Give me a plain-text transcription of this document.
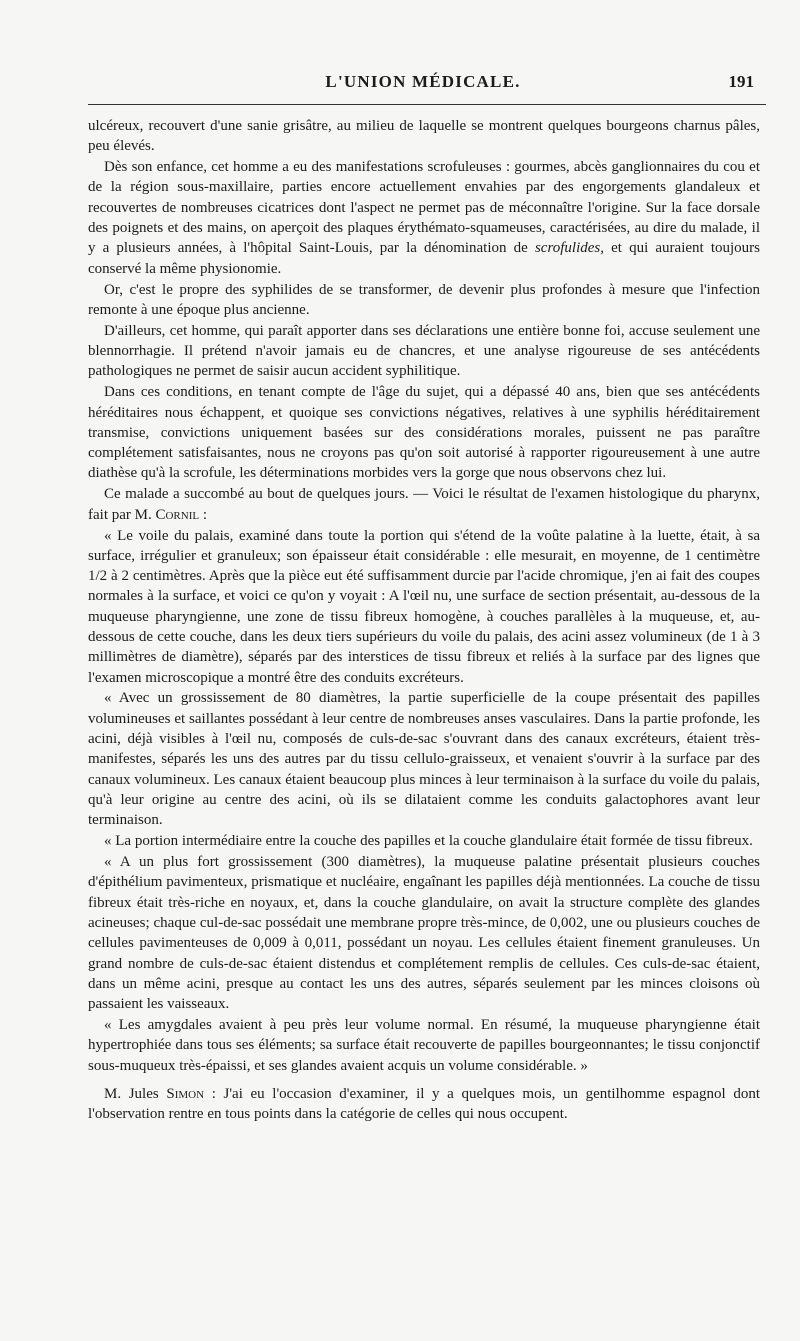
L'UNION MÉDICALE.	191

ulcéreux, recouvert d'une sanie grisâtre, au milieu de laquelle se montrent quelques bourgeons charnus pâles, peu élevés.

Dès son enfance, cet homme a eu des manifestations scrofuleuses : gourmes, abcès ganglionnaires du cou et de la région sous-maxillaire, parties encore actuellement envahies par des engorgements glandaleux et recouvertes de nombreuses cicatrices dont l'aspect ne permet pas de méconnaître l'origine. Sur la face dorsale des poignets et des mains, on aperçoit des plaques érythémato-squameuses, caractérisées, au dire du malade, il y a plusieurs années, à l'hôpital Saint-Louis, par la dénomination de scrofulides, et qui auraient toujours conservé la même physionomie.

Or, c'est le propre des syphilides de se transformer, de devenir plus profondes à mesure que l'infection remonte à une époque plus ancienne.

D'ailleurs, cet homme, qui paraît apporter dans ses déclarations une entière bonne foi, accuse seulement une blennorrhagie. Il prétend n'avoir jamais eu de chancres, et une analyse rigoureuse de ses antécédents pathologiques ne permet de saisir aucun accident syphilitique.

Dans ces conditions, en tenant compte de l'âge du sujet, qui a dépassé 40 ans, bien que ses antécédents héréditaires nous échappent, et quoique ses convictions négatives, relatives à une syphilis héréditairement transmise, convictions uniquement basées sur des considérations morales, puissent ne pas paraître complétement satisfaisantes, nous ne croyons pas qu'on soit autorisé à rapporter rigoureusement à une autre diathèse qu'à la scrofule, les déterminations morbides vers la gorge que nous observons chez lui.

Ce malade a succombé au bout de quelques jours. — Voici le résultat de l'examen histologique du pharynx, fait par M. Cornil :

« Le voile du palais, examiné dans toute la portion qui s'étend de la voûte palatine à la luette, était, à sa surface, irrégulier et granuleux; son épaisseur était considérable : elle mesurait, en moyenne, de 1 centimètre 1/2 à 2 centimètres. Après que la pièce eut été suffisamment durcie par l'acide chromique, j'en ai fait des coupes normales à la surface, et voici ce qu'on y voyait : A l'œil nu, une surface de section présentait, au-dessous de la muqueuse pharyngienne, une zone de tissu fibreux homogène, à couches parallèles à la muqueuse, et, au-dessous de cette couche, dans les deux tiers supérieurs du voile du palais, des acini assez volumineux (de 1 à 3 millimètres de diamètre), séparés par des interstices de tissu fibreux et reliés à la surface par des lignes que l'examen microscopique a montré être des conduits excréteurs.

« Avec un grossissement de 80 diamètres, la partie superficielle de la coupe présentait des papilles volumineuses et saillantes possédant à leur centre de nombreuses anses vasculaires. Dans la partie profonde, les acini, déjà visibles à l'œil nu, composés de culs-de-sac s'ouvrant dans des canaux excréteurs, étaient très-manifestes, séparés les uns des autres par du tissu cellulo-graisseux, et venaient s'ouvrir à la surface par des canaux volumineux. Les canaux étaient beaucoup plus minces à leur terminaison à la surface du voile du palais, qu'à leur origine au centre des acini, où ils se dilataient comme les conduits galactophores avant leur terminaison.

« La portion intermédiaire entre la couche des papilles et la couche glandulaire était formée de tissu fibreux.

« A un plus fort grossissement (300 diamètres), la muqueuse palatine présentait plusieurs couches d'épithélium pavimenteux, prismatique et nucléaire, engaînant les papilles déjà mentionnées. La couche de tissu fibreux était très-riche en noyaux, et, dans la couche glandulaire, on avait la structure complète des glandes acineuses; chaque cul-de-sac possédait une membrane propre très-mince, de 0,002, une ou plusieurs couches de cellules pavimenteuses de 0,009 à 0,011, possédant un noyau. Les cellules étaient finement granuleuses. Un grand nombre de culs-de-sac étaient distendus et complétement remplis de cellules. Ces culs-de-sac étaient, dans un même acini, presque au contact les uns des autres, séparés seulement par les minces cloisons où passaient les vaisseaux.

« Les amygdales avaient à peu près leur volume normal. En résumé, la muqueuse pharyngienne était hypertrophiée dans tous ses éléments; sa surface était recouverte de papilles bourgeonnantes; le tissu conjonctif sous-muqueux très-épaissi, et ses glandes avaient acquis un volume considérable. »

M. Jules Simon : J'ai eu l'occasion d'examiner, il y a quelques mois, un gentilhomme espagnol dont l'observation rentre en tous points dans la catégorie de celles qui nous occupent.
